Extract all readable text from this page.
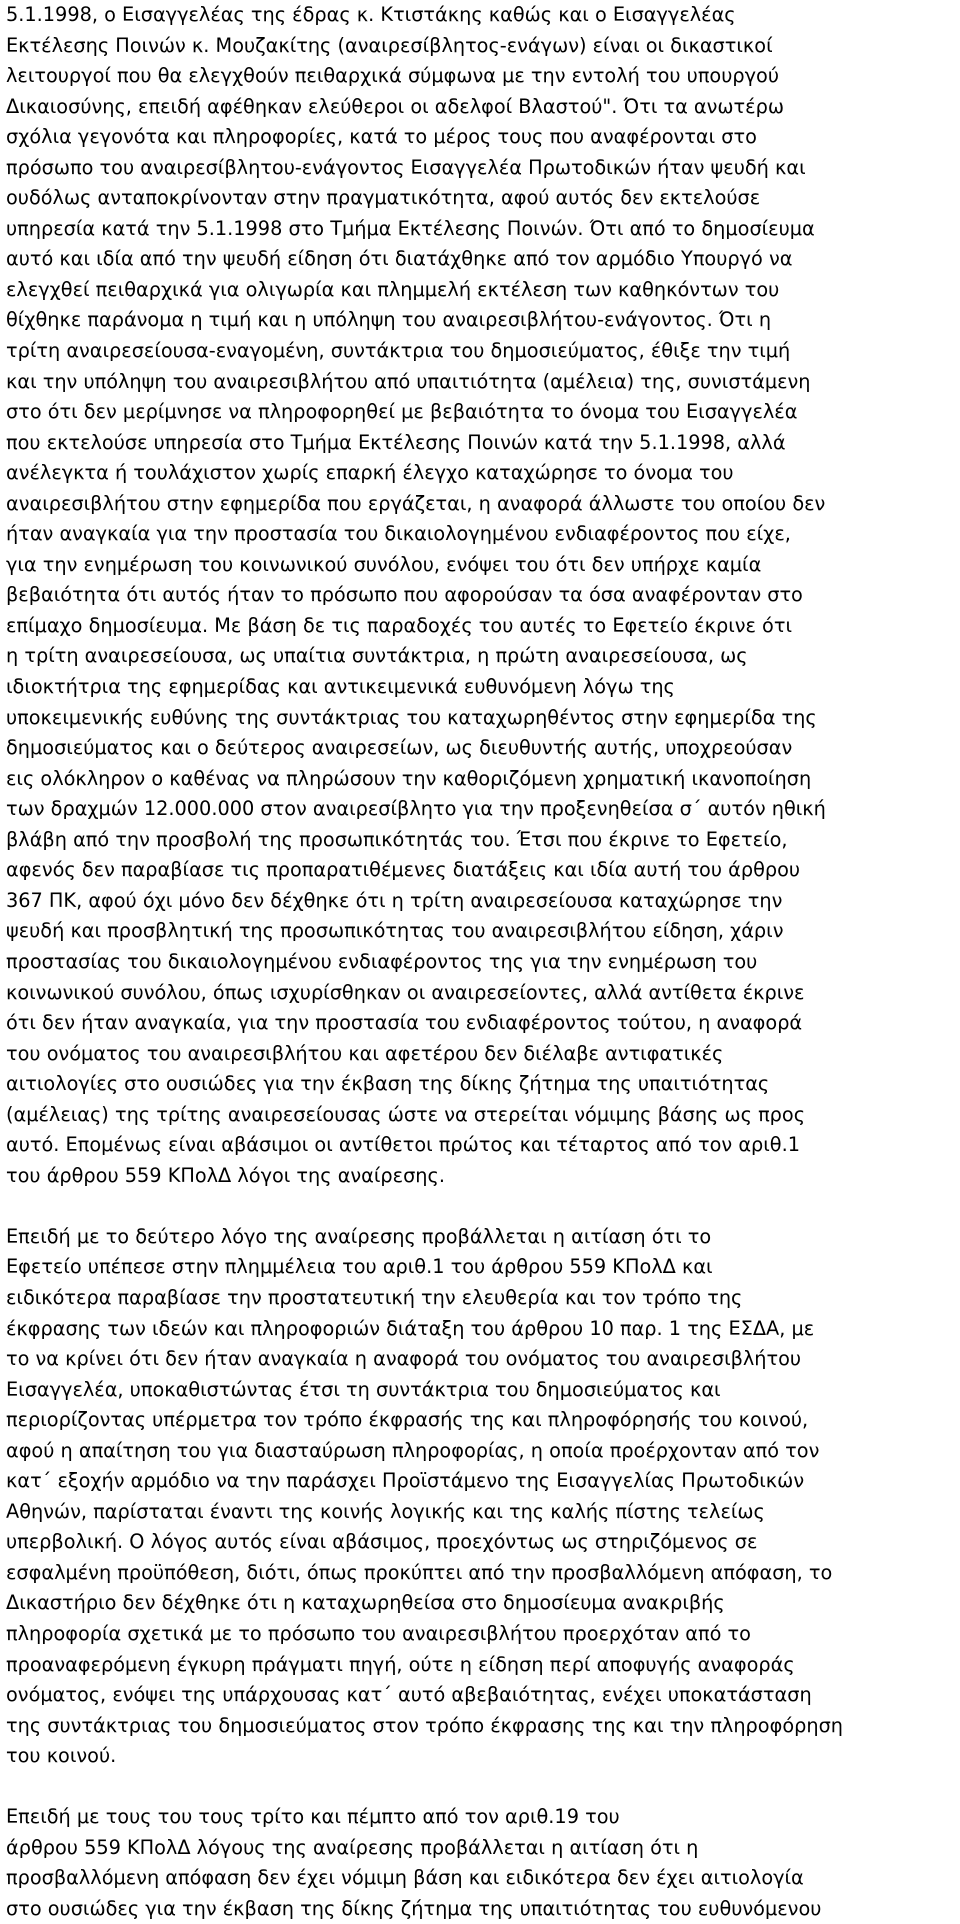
5.1.1998, ο Εισαγγελέας της έδρας κ. Κτιστάκης καθώς και ο Εισαγγελέας
Εκτέλεσης Ποινών κ. Μουζακίτης (αναιρεσίβλητος-ενάγων) είναι οι δικαστικοί
λειτουργοί που θα ελεγχθούν πειθαρχικά σύμφωνα με την εντολή του υπουργού
Δικαιοσύνης, επειδή αφέθηκαν ελεύθεροι οι αδελφοί Βλαστού". Ότι τα ανωτέρω
σχόλια γεγονότα και πληροφορίες, κατά το μέρος τους που αναφέρονται στο
πρόσωπο του αναιρεσίβλητου-ενάγοντος Εισαγγελέα Πρωτοδικών ήταν ψευδή και
ουδόλως ανταποκρίνονταν στην πραγματικότητα, αφού αυτός δεν εκτελούσε
υπηρεσία κατά την 5.1.1998 στο Τμήμα Εκτέλεσης Ποινών. Ότι από το δημοσίευμα
αυτό και ιδία από την ψευδή είδηση ότι διατάχθηκε από τον αρμόδιο Υπουργό να
ελεγχθεί πειθαρχικά για ολιγωρία και πλημμελή εκτέλεση των καθηκόντων του
θίχθηκε παράνομα η τιμή και η υπόληψη του αναιρεσιβλήτου-ενάγοντος. Ότι η
τρίτη αναιρεσείουσα-εναγομένη, συντάκτρια του δημοσιεύματος, έθιξε την τιμή
και την υπόληψη του αναιρεσιβλήτου από υπαιτιότητα (αμέλεια) της, συνιστάμενη
στο ότι δεν μερίμνησε να πληροφορηθεί με βεβαιότητα το όνομα του Εισαγγελέα
που εκτελούσε υπηρεσία στο Τμήμα Εκτέλεσης Ποινών κατά την 5.1.1998, αλλά
ανέλεγκτα ή τουλάχιστον χωρίς επαρκή έλεγχο καταχώρησε το όνομα του
αναιρεσιβλήτου στην εφημερίδα που εργάζεται, η αναφορά άλλωστε του οποίου δεν
ήταν αναγκαία για την προστασία του δικαιολογημένου ενδιαφέροντος που είχε,
για την ενημέρωση του κοινωνικού συνόλου, ενόψει του ότι δεν υπήρχε καμία
βεβαιότητα ότι αυτός ήταν το πρόσωπο που αφορούσαν τα όσα αναφέρονταν στο
επίμαχο δημοσίευμα. Με βάση δε τις παραδοχές του αυτές το Εφετείο έκρινε ότι
η τρίτη αναιρεσείουσα, ως υπαίτια συντάκτρια, η πρώτη αναιρεσείουσα, ως
ιδιοκτήτρια της εφημερίδας και αντικειμενικά ευθυνόμενη λόγω της
υποκειμενικής ευθύνης της συντάκτριας του καταχωρηθέντος στην εφημερίδα της
δημοσιεύματος και ο δεύτερος αναιρεσείων, ως διευθυντής αυτής, υποχρεούσαν
εις ολόκληρον ο καθένας να πληρώσουν την καθοριζόμενη χρηματική ικανοποίηση
των δραχμών 12.000.000 στον αναιρεσίβλητο για την προξενηθείσα σ΄ αυτόν ηθική
βλάβη από την προσβολή της προσωπικότητάς του. Έτσι που έκρινε το Εφετείο,
αφενός δεν παραβίασε τις προπαρατιθέμενες διατάξεις και ιδία αυτή του άρθρου
367 ΠΚ, αφού όχι μόνο δεν δέχθηκε ότι η τρίτη αναιρεσείουσα καταχώρησε την
ψευδή και προσβλητική της προσωπικότητας του αναιρεσιβλήτου είδηση, χάριν
προστασίας του δικαιολογημένου ενδιαφέροντος της για την ενημέρωση του
κοινωνικού συνόλου, όπως ισχυρίσθηκαν οι αναιρεσείοντες, αλλά αντίθετα έκρινε
ότι δεν ήταν αναγκαία, για την προστασία του ενδιαφέροντος τούτου, η αναφορά
του ονόματος του αναιρεσιβλήτου και αφετέρου δεν διέλαβε αντιφατικές
αιτιολογίες στο ουσιώδες για την έκβαση της δίκης ζήτημα της υπαιτιότητας
(αμέλειας) της τρίτης αναιρεσείουσας ώστε να στερείται νόμιμης βάσης ως προς
αυτό. Επομένως είναι αβάσιμοι οι αντίθετοι πρώτος και τέταρτος από τον αριθ.1
του άρθρου 559 ΚΠολΔ λόγοι της αναίρεσης.
Επειδή με το δεύτερο λόγο της αναίρεσης προβάλλεται η αιτίαση ότι το
Εφετείο υπέπεσε στην πλημμέλεια του αριθ.1 του άρθρου 559 ΚΠολΔ και
ειδικότερα παραβίασε την προστατευτική την ελευθερία και τον τρόπο της
έκφρασης των ιδεών και πληροφοριών διάταξη του άρθρου 10 παρ. 1 της ΕΣΔΑ, με
το να κρίνει ότι δεν ήταν αναγκαία η αναφορά του ονόματος του αναιρεσιβλήτου
Εισαγγελέα, υποκαθιστώντας έτσι τη συντάκτρια του δημοσιεύματος και
περιορίζοντας υπέρμετρα τον τρόπο έκφρασής της και πληροφόρησής του κοινού,
αφού η απαίτηση του για διασταύρωση πληροφορίας, η οποία προέρχονταν από τον
κατ΄ εξοχήν αρμόδιο να την παράσχει Προϊστάμενο της Εισαγγελίας Πρωτοδικών
Αθηνών, παρίσταται έναντι της κοινής λογικής και της καλής πίστης τελείως
υπερβολική. Ο λόγος αυτός είναι αβάσιμος, προεχόντως ως στηριζόμενος σε
εσφαλμένη προϋπόθεση, διότι, όπως προκύπτει από την προσβαλλόμενη απόφαση, το
Δικαστήριο δεν δέχθηκε ότι η καταχωρηθείσα στο δημοσίευμα ανακριβής
πληροφορία σχετικά με το πρόσωπο του αναιρεσιβλήτου προερχόταν από το
προαναφερόμενη έγκυρη πράγματι πηγή, ούτε η είδηση περί αποφυγής αναφοράς
ονόματος, ενόψει της υπάρχουσας κατ΄ αυτό αβεβαιότητας, ενέχει υποκατάσταση
της συντάκτριας του δημοσιεύματος στον τρόπο έκφρασης της και την πληροφόρηση
του κοινού.
Επειδή με τους του τους τρίτο και πέμπτο από τον αριθ.19 του
άρθρου 559 ΚΠολΔ λόγους της αναίρεσης προβάλλεται η αιτίαση ότι η
προσβαλλόμενη απόφαση δεν έχει νόμιμη βάση και ειδικότερα δεν έχει αιτιολογία
στο ουσιώδες για την έκβαση της δίκης ζήτημα της υπαιτιότητας του ευθυνόμενου
